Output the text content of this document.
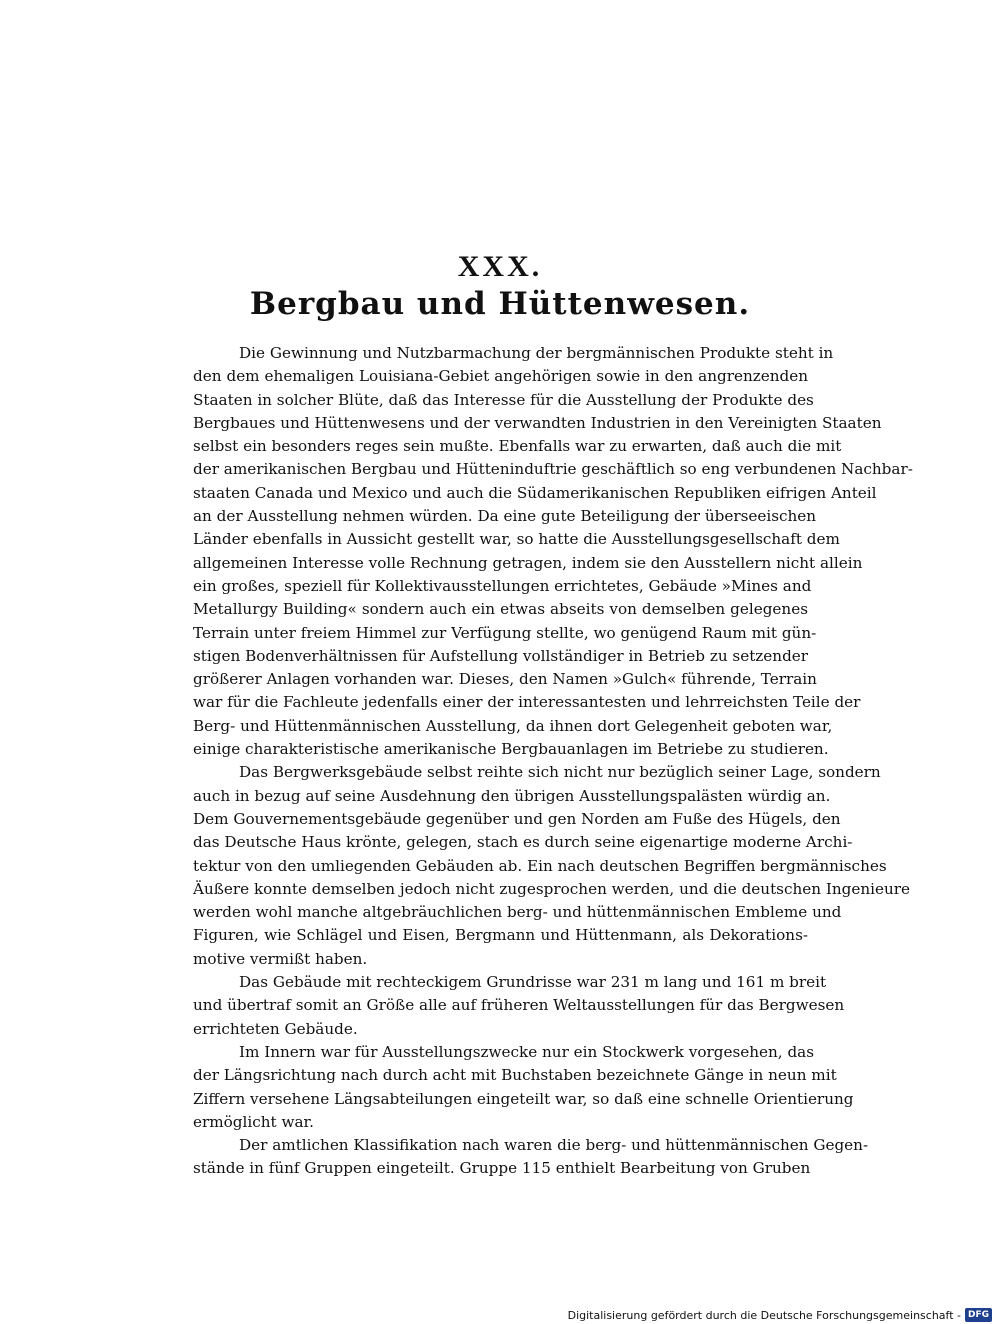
XXX.
Bergbau und Hüttenwesen.
Die Gewinnung und Nutzbarmachung der bergmännischen Produkte steht in
den dem ehemaligen Louisiana-Gebiet angehörigen sowie in den angrenzenden
Staaten in solcher Blüte, daß das Interesse für die Ausstellung der Produkte des
Bergbaues und Hüttenwesens und der verwandten Industrien in den Vereinigten Staaten
selbst ein besonders reges sein mußte. Ebenfalls war zu erwarten, daß auch die mit
der amerikanischen Bergbau und Hütteninduftrie geschäftlich so eng verbundenen Nachbar-
staaten Canada und Mexico und auch die Südamerikanischen Republiken eifrigen Anteil
an der Ausstellung nehmen würden. Da eine gute Beteiligung der überseeischen
Länder ebenfalls in Aussicht gestellt war, so hatte die Ausstellungsgesellschaft dem
allgemeinen Interesse volle Rechnung getragen, indem sie den Ausstellern nicht allein
ein großes, speziell für Kollektivausstellungen errichtetes, Gebäude »Mines and
Metallurgy Building« sondern auch ein etwas abseits von demselben gelegenes
Terrain unter freiem Himmel zur Verfügung stellte, wo genügend Raum mit gün-
stigen Bodenverhältnissen für Aufstellung vollständiger in Betrieb zu setzender
größerer Anlagen vorhanden war. Dieses, den Namen »Gulch« führende, Terrain
war für die Fachleute jedenfalls einer der interessantesten und lehrreichsten Teile der
Berg- und Hüttenmännischen Ausstellung, da ihnen dort Gelegenheit geboten war,
einige charakteristische amerikanische Bergbauanlagen im Betriebe zu studieren.
Das Bergwerksgebäude selbst reihte sich nicht nur bezüglich seiner Lage, sondern
auch in bezug auf seine Ausdehnung den übrigen Ausstellungspalästen würdig an.
Dem Gouvernementsgebäude gegenüber und gen Norden am Fuße des Hügels, den
das Deutsche Haus krönte, gelegen, stach es durch seine eigenartige moderne Archi-
tektur von den umliegenden Gebäuden ab. Ein nach deutschen Begriffen bergmännisches
Äußere konnte demselben jedoch nicht zugesprochen werden, und die deutschen Ingenieure
werden wohl manche altgebräuchlichen berg- und hüttenmännischen Embleme und
Figuren, wie Schlägel und Eisen, Bergmann und Hüttenmann, als Dekorations-
motive vermißt haben.
Das Gebäude mit rechteckigem Grundrisse war 231 m lang und 161 m breit
und übertraf somit an Größe alle auf früheren Weltausstellungen für das Bergwesen
errichteten Gebäude.
Im Innern war für Ausstellungszwecke nur ein Stockwerk vorgesehen, das
der Längsrichtung nach durch acht mit Buchstaben bezeichnete Gänge in neun mit
Ziffern versehene Längsabteilungen eingeteilt war, so daß eine schnelle Orientierung
ermöglicht war.
Der amtlichen Klassifikation nach waren die berg- und hüttenmännischen Gegen-
stände in fünf Gruppen eingeteilt. Gruppe 115 enthielt Bearbeitung von Gruben
Digitalisierung gefördert durch die Deutsche Forschungsgemeinschaft - DFG
